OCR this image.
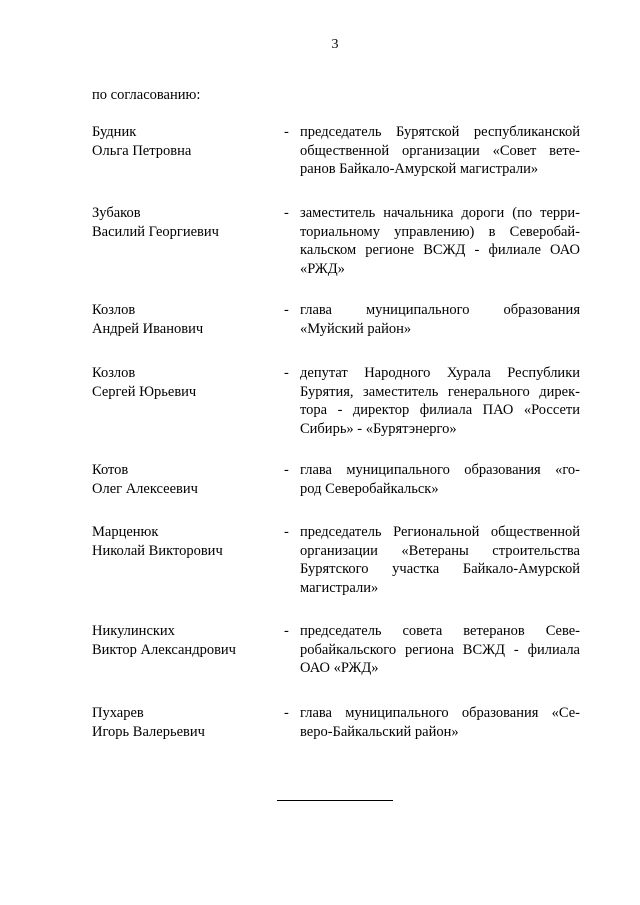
3
по согласованию:
Будник
Ольга Петровна
- председатель Бурятской республиканской
общественной организации «Совет вете-
ранов Байкало-Амурской магистрали»
Зубаков
Василий Георгиевич
- заместитель начальника дороги (по терри-
ториальному управлению) в Северобай-
кальском регионе ВСЖД - филиале ОАО
«РЖД»
Козлов
Андрей Иванович
- глава муниципального образования
«Муйский район»
Козлов
Сергей Юрьевич
- депутат Народного Хурала Республики
Бурятия, заместитель генерального дирек-
тора - директор филиала ПАО «Россети
Сибирь» - «Бурятэнерго»
Котов
Олег Алексеевич
- глава муниципального образования «го-
род Северобайкальск»
Марценюк
Николай Викторович
- председатель Региональной общественной
организации «Ветераны строительства
Бурятского участка Байкало-Амурской
магистрали»
Никулинских
Виктор Александрович
- председатель совета ветеранов Севе-
робайкальского региона ВСЖД - филиала
ОАО «РЖД»
Пухарев
Игорь Валерьевич
- глава муниципального образования «Се-
веро-Байкальский район»
